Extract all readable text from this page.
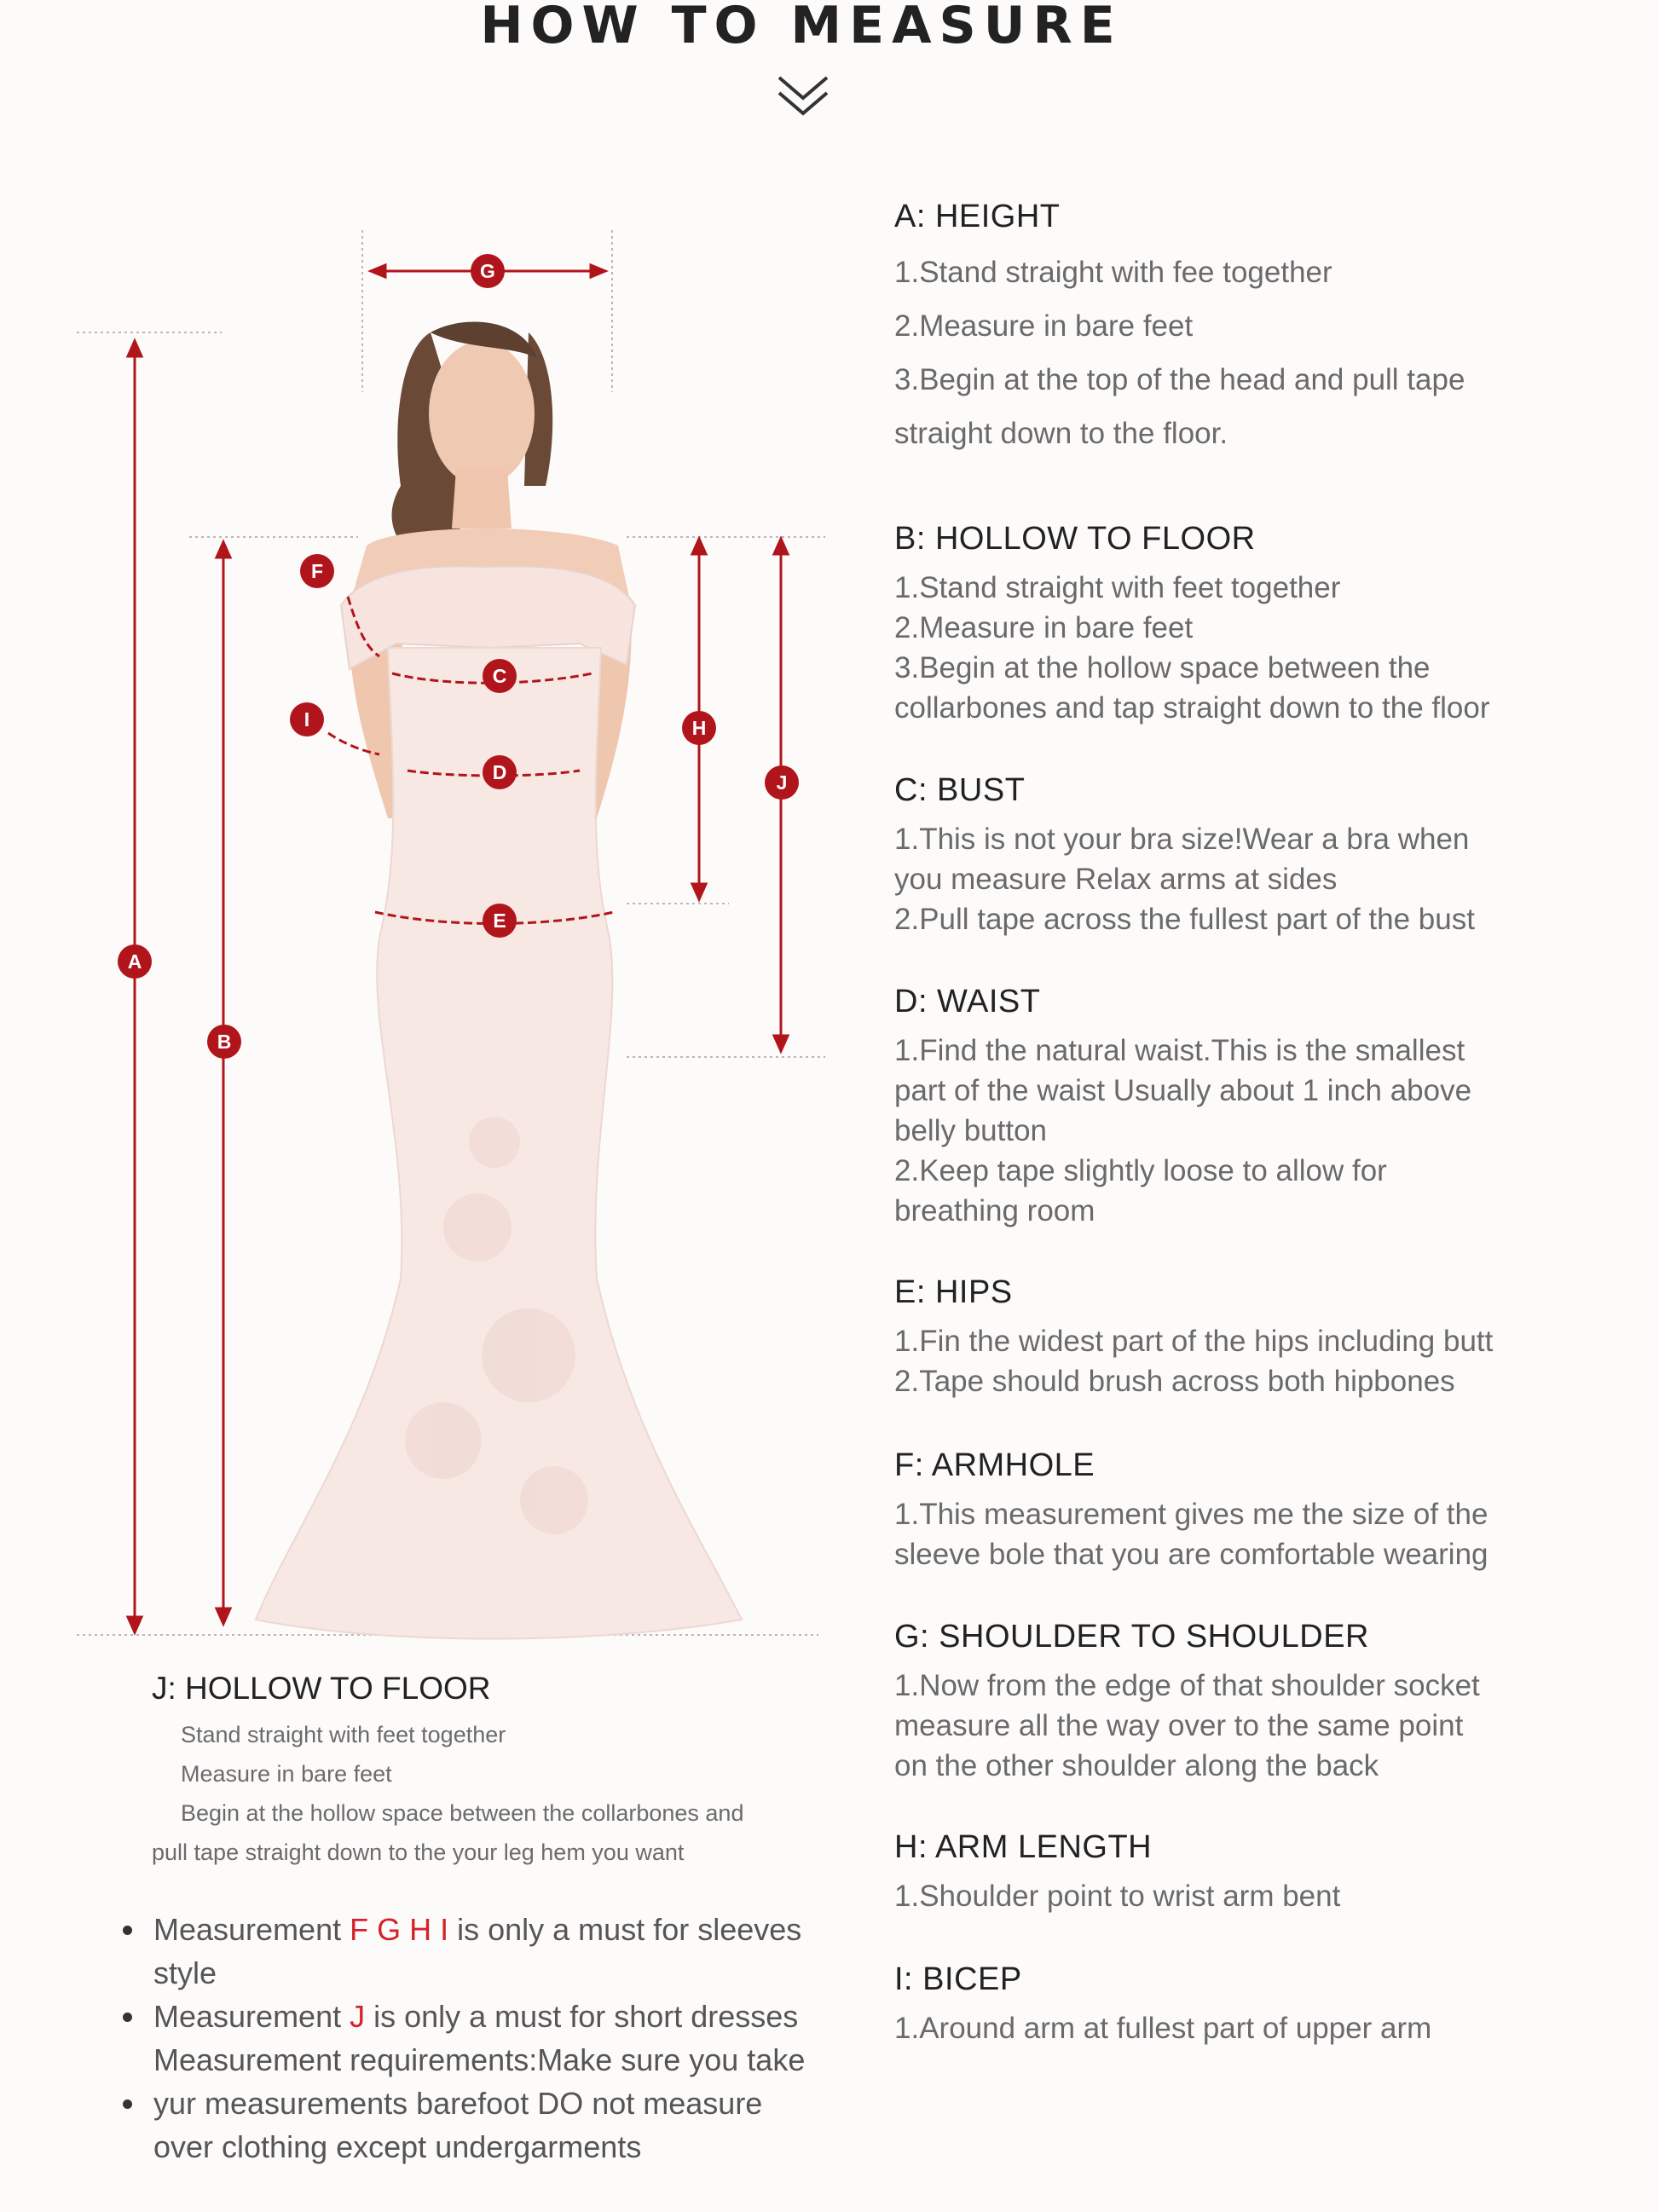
HOW TO MEASURE
A
B
C
D
E
F
G
H
I
J
A: HEIGHT

1.Stand straight with fee together

2.Measure in bare feet

3.Begin at the top of the head and pull tape

straight down to the floor.

B: HOLLOW TO FLOOR

1.Stand straight with feet together

2.Measure in bare feet

3.Begin at the hollow space between the

collarbones and tap straight down to the floor

C: BUST

1.This is not your bra size!Wear a bra when

you measure Relax arms at sides

2.Pull tape across the fullest part of the bust

D: WAIST

1.Find the natural waist.This is the smallest

part of the waist Usually about 1 inch above

belly button

2.Keep tape slightly loose to allow for

breathing room

E: HIPS

1.Fin the widest part of the hips including butt

2.Tape should brush across both hipbones

F: ARMHOLE

1.This measurement gives me the size of the

sleeve bole that you are comfortable wearing

G: SHOULDER TO SHOULDER

1.Now from the edge of that shoulder socket

measure all the way over to the same point

on the other shoulder along the back

H: ARM LENGTH

1.Shoulder point to wrist arm bent

I: BICEP

1.Around arm at fullest part of upper arm

J: HOLLOW TO FLOOR

Stand straight with feet together

Measure in bare feet

Begin at the hollow space between the collarbones and

pull tape straight down to the your leg hem you want

Measurement F G H I is only a must for sleeves style
Measurement J is only a must for short dresses Measurement requirements:Make sure you take
yur measurements barefoot DO not measure over clothing except undergarments
